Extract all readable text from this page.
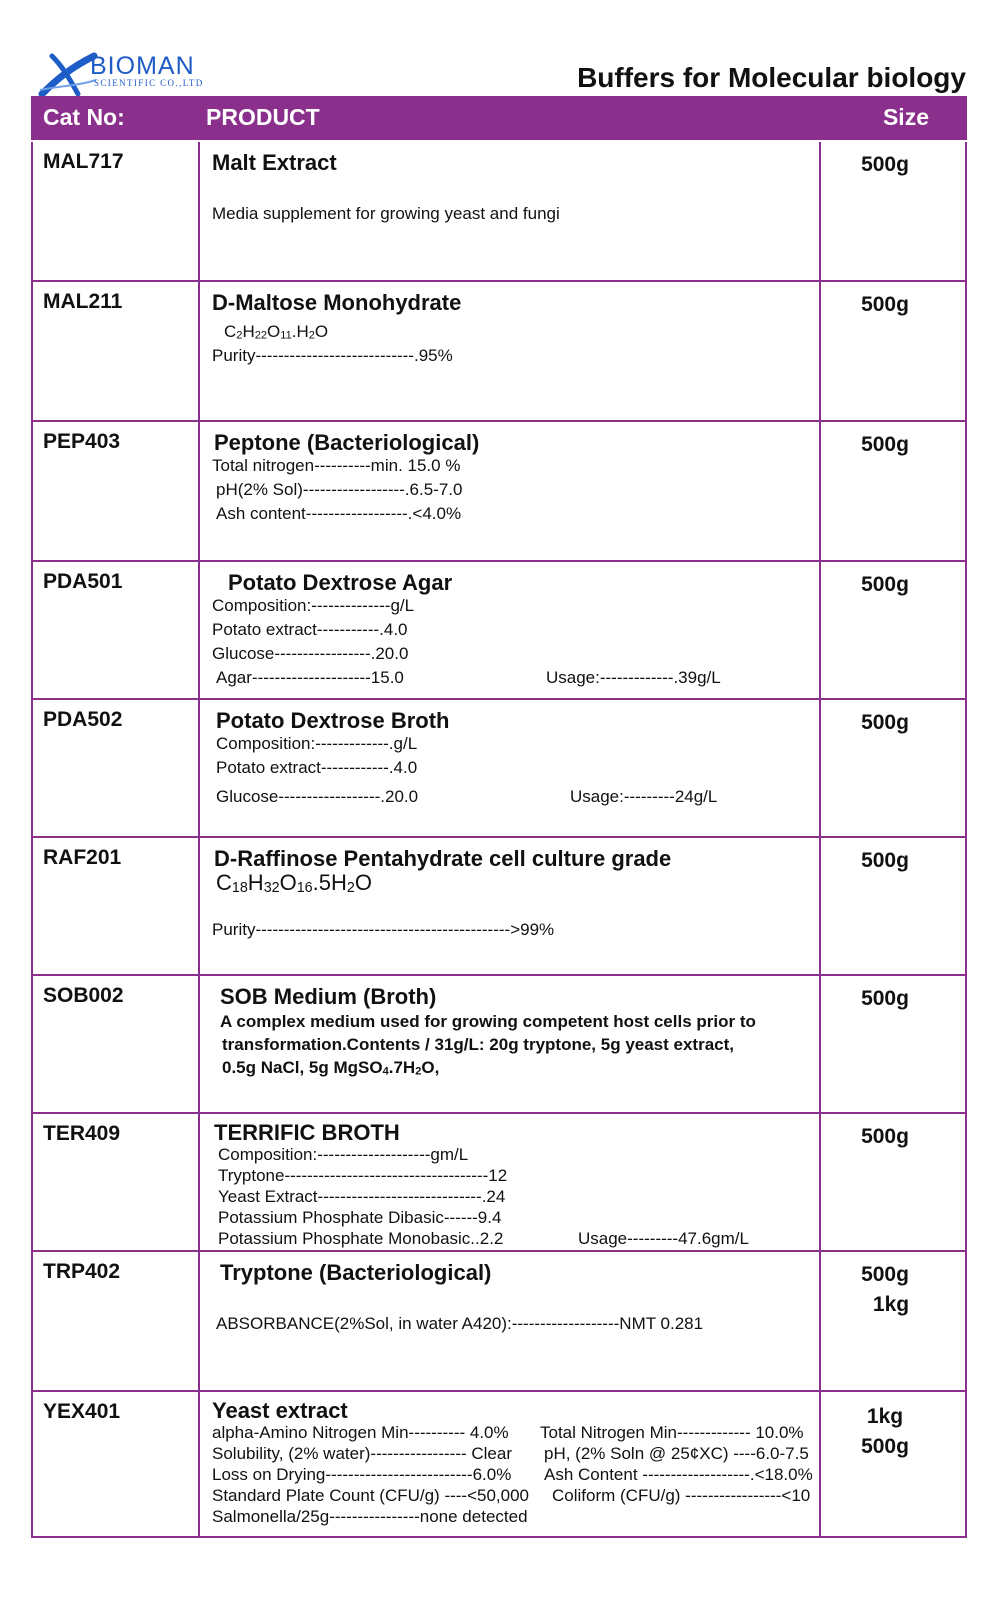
BIOMAN
SCIENTIFIC CO.,LTD	Buffers for Molecular biology
Cat No:	PRODUCT	Size
MAL717	Malt Extract
Media supplement for growing yeast and fungi
500g
MAL211	D-Maltose Monohydrate
$C_2H_{22}O_{11}.H_2O$
Purity----------------------------.95%
500g
PEP403	Peptone (Bacteriological)
Total nitrogen----------min. 15.0 %
pH(2% Sol)------------------.6.5-7.0
Ash content------------------.<4.0%
500g
PDA501	Potato Dextrose Agar
Composition:--------------g/L
Potato extract-----------.4.0
Glucose-----------------.20.0
Agar---------------------15.0	Usage:-------------.39g/L
500g
PDA502	Potato Dextrose Broth
Composition:-------------.g/L
Potato extract------------.4.0
Glucose------------------.20.0	Usage:---------24g/L
500g
RAF201	D-Raffinose Pentahydrate cell culture grade
$C_{18}H_{32}O_{16}.5H_2O$
Purity--------------------------------------------->99%
500g
SOB002	SOB Medium (Broth)
A complex medium used for growing competent host cells prior to
transformation.Contents / 31g/L: 20g tryptone, 5g yeast extract,
0.5g NaCl, 5g $MgSO_4.7H_2O$,
500g
TER409	TERRIFIC BROTH
Composition:--------------------gm/L
Tryptone------------------------------------12
Yeast Extract-----------------------------.24
Potassium Phosphate Dibasic------9.4
Potassium Phosphate Monobasic..2.2	Usage---------47.6gm/L
500g
TRP402	Tryptone (Bacteriological)
ABSORBANCE(2%Sol, in water A420):-------------------NMT 0.281
500g
1kg
YEX401	Yeast extract
alpha-Amino Nitrogen Min---------- 4.0%
Solubility, (2% water)----------------- Clear
Loss on Drying--------------------------6.0%
Standard Plate Count (CFU/g) ----<50,000
Salmonella/25g----------------none detected
Total Nitrogen Min------------- 10.0%
pH, (2% Soln @ 25¢XC) ----6.0-7.5
Ash Content -------------------.<18.0%
Coliform (CFU/g) -----------------<10
1kg
500g
